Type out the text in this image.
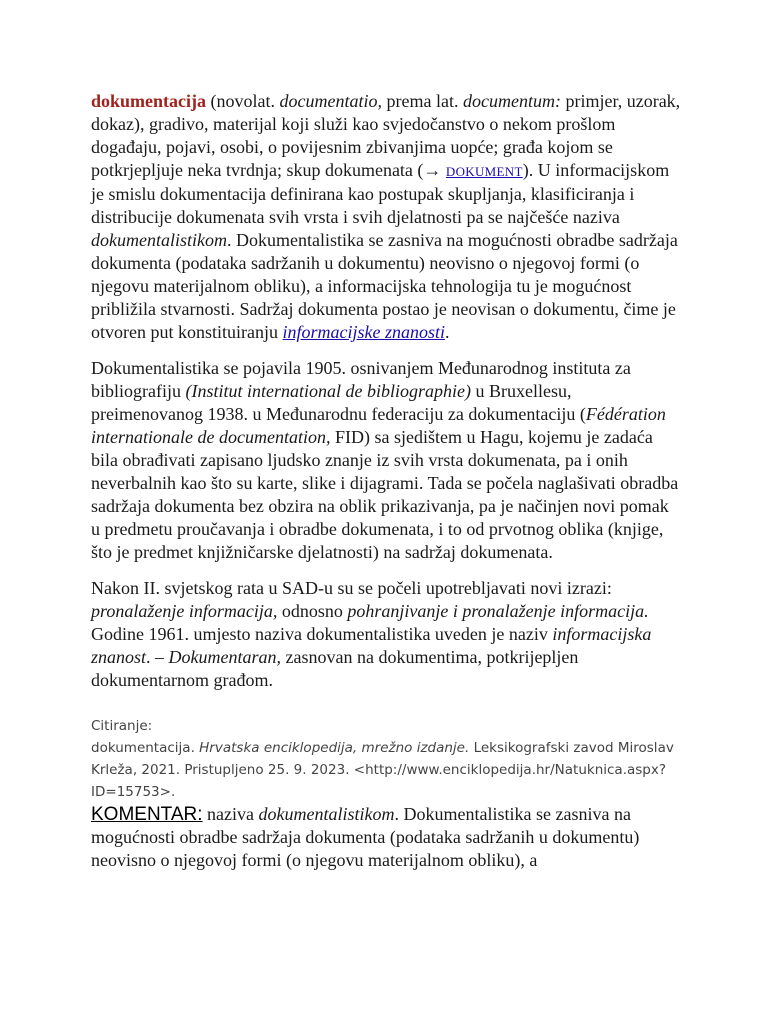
dokumentacija (novolat. documentatio, prema lat. documentum: primjer, uzorak, dokaz), gradivo, materijal koji služi kao svjedočanstvo o nekom prošlom događaju, pojavi, osobi, o povijesnim zbivanjima uopće; građa kojom se potkrjepljuje neka tvrdnja; skup dokumenata (→ DOKUMENT). U informacijskom je smislu dokumentacija definirana kao postupak skupljanja, klasificiranja i distribucije dokumenata svih vrsta i svih djelatnosti pa se najčešće naziva dokumentalistikom. Dokumentalistika se zasniva na mogućnosti obradbe sadržaja dokumenta (podataka sadržanih u dokumentu) neovisno o njegovoj formi (o njegovu materijalnom obliku), a informacijska tehnologija tu je mogućnost približila stvarnosti. Sadržaj dokumenta postao je neovisan o dokumentu, čime je otvoren put konstituiranju informacijske znanosti.

Dokumentalistika se pojavila 1905. osnivanjem Međunarodnog instituta za bibliografiju (Institut international de bibliographie) u Bruxellesu, preimenovanog 1938. u Međunarodnu federaciju za dokumentaciju (Fédération internationale de documentation, FID) sa sjedištem u Hagu, kojemu je zadaća bila obrađivati zapisano ljudsko znanje iz svih vrsta dokumenata, pa i onih neverbalnih kao što su karte, slike i dijagrami. Tada se počela naglašivati obradba sadržaja dokumenta bez obzira na oblik prikazivanja, pa je načinjen novi pomak u predmetu proučavanja i obradbe dokumenata, i to od prvotnog oblika (knjige, što je predmet knjižničarske djelatnosti) na sadržaj dokumenata.

Nakon II. svjetskog rata u SAD-u su se počeli upotrebljavati novi izrazi: pronalaženje informacija, odnosno pohranjivanje i pronalaženje informacija. Godine 1961. umjesto naziva dokumentalistika uveden je naziv informacijska znanost. – Dokumentaran, zasnovan na dokumentima, potkrijepljen dokumentarnom građom.

Citiranje:

dokumentacija. Hrvatska enciklopedija, mrežno izdanje. Leksikografski zavod Miroslav Krleža, 2021. Pristupljeno 25. 9. 2023. <http://www.enciklopedija.hr/Natuknica.aspx?ID=15753>.

KOMENTAR: naziva dokumentalistikom. Dokumentalistika se zasniva na mogućnosti obradbe sadržaja dokumenta (podataka sadržanih u dokumentu) neovisno o njegovoj formi (o njegovu materijalnom obliku), a
